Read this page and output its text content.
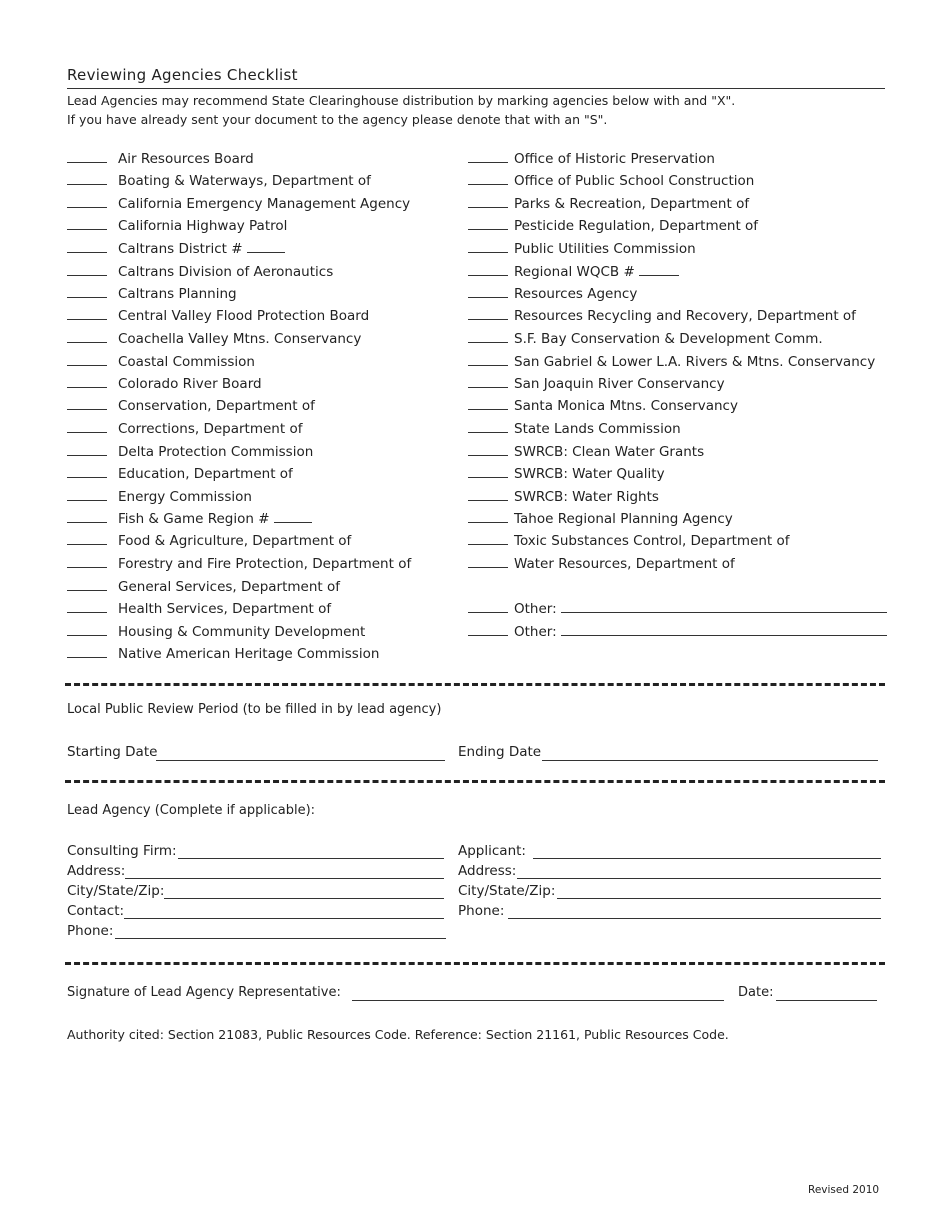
Reviewing Agencies Checklist
Lead Agencies may recommend State Clearinghouse distribution by marking agencies below with and "X".
If you have already sent your document to the agency please denote that with an "S".
Air Resources Board
Boating & Waterways, Department of
California Emergency Management Agency
California Highway Patrol
Caltrans District #
Caltrans Division of Aeronautics
Caltrans Planning
Central Valley Flood Protection Board
Coachella Valley Mtns. Conservancy
Coastal Commission
Colorado River Board
Conservation, Department of
Corrections, Department of
Delta Protection Commission
Education, Department of
Energy Commission
Fish & Game Region #
Food & Agriculture, Department of
Forestry and Fire Protection, Department of
General Services, Department of
Health Services, Department of
Housing & Community Development
Native American Heritage Commission
Office of Historic Preservation
Office of Public School Construction
Parks & Recreation, Department of
Pesticide Regulation, Department of
Public Utilities Commission
Regional WQCB #
Resources Agency
Resources Recycling and Recovery, Department of
S.F. Bay Conservation & Development Comm.
San Gabriel & Lower L.A. Rivers & Mtns. Conservancy
San Joaquin River Conservancy
Santa Monica Mtns. Conservancy
State Lands Commission
SWRCB: Clean Water Grants
SWRCB: Water Quality
SWRCB: Water Rights
Tahoe Regional Planning Agency
Toxic Substances Control, Department of
Water Resources, Department of
Other:
Other:
Local Public Review Period (to be filled in by lead agency)
Starting Date	Ending Date
Lead Agency (Complete if applicable):
Consulting Firm:
Address:
City/State/Zip:
Contact:
Phone:
Applicant:
Address:
City/State/Zip:
Phone:
Signature of Lead Agency Representative:	Date:
Authority cited: Section 21083, Public Resources Code. Reference: Section 21161, Public Resources Code.
Revised 2010
